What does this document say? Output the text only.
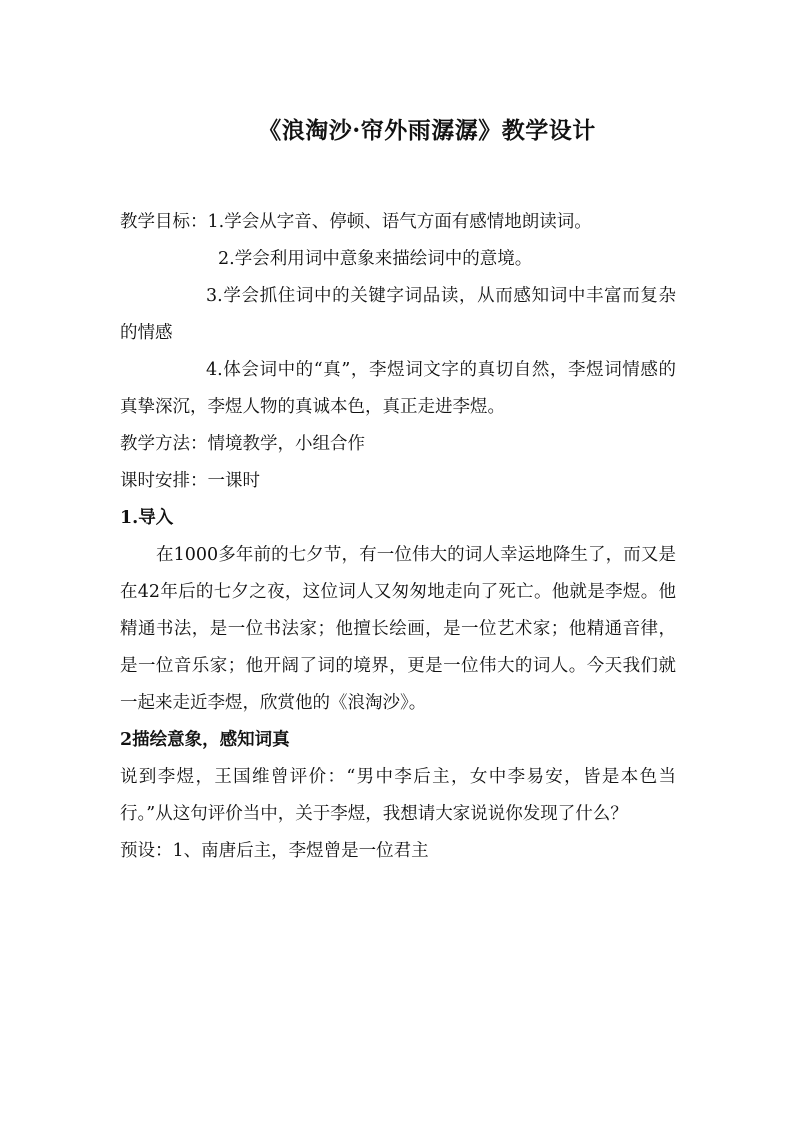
《浪淘沙·帘外雨潺潺》教学设计

教学目标：1.学会从字音、停顿、语气方面有感情地朗读词。

2.学会利用词中意象来描绘词中的意境。

3.学会抓住词中的关键字词品读，从而感知词中丰富而复杂的情感

4.体会词中的“真”，李煜词文字的真切自然，李煜词情感的真挚深沉，李煜人物的真诚本色，真正走进李煜。

教学方法：情境教学，小组合作

课时安排：一课时

1.导入

在1000多年前的七夕节，有一位伟大的词人幸运地降生了，而又是在42年后的七夕之夜，这位词人又匆匆地走向了死亡。他就是李煜。他精通书法，是一位书法家；他擅长绘画，是一位艺术家；他精通音律，是一位音乐家；他开阔了词的境界，更是一位伟大的词人。今天我们就一起来走近李煜，欣赏他的《浪淘沙》。

2描绘意象，感知词真

说到李煜，王国维曾评价：“男中李后主，女中李易安，皆是本色当行。”从这句评价当中，关于李煜，我想请大家说说你发现了什么？

预设：1、南唐后主，李煜曾是一位君主
